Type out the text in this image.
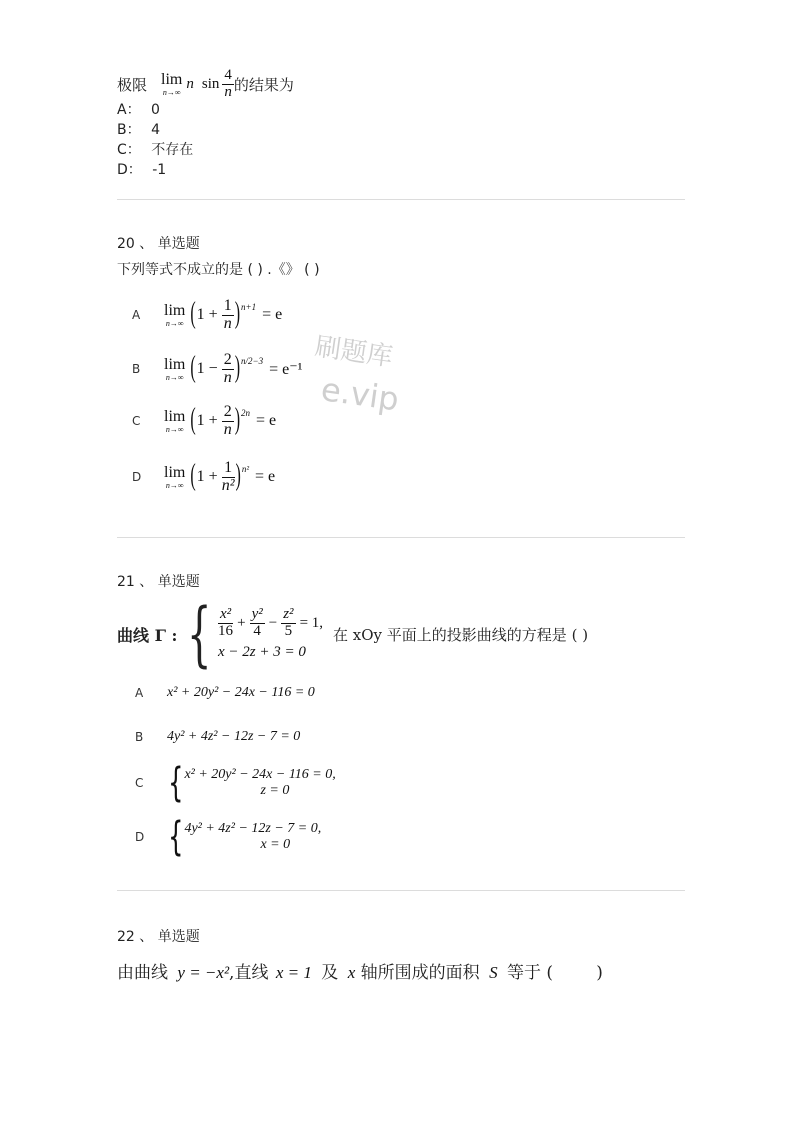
极限 lim
n→∞
n $\sin \frac{4}{n}$ 的结果为
A： 0
B： 4
C： 不存在
D： -1
20 、 单选题
下列等式不成立的是 ( ) .《》 ( )
刷题库
e.vip
A	lim
n→∞ ( $1 + \frac{1}{n}$ ) n+1 = e
B	lim
n→∞ ( $1 - \frac{2}{n}$ ) n/2−3
= e⁻¹
C	lim
n→∞ ( $1 + \frac{2}{n}$ ) 2n = e
D	lim
n→∞ ( $1 + \frac{1}{\text{n²}}$ ) n² = e
21 、 单选题
曲线 Γ : { $\frac{\text{x²}}{16} + \frac{\text{y²}}{4} - \frac{\text{z²}}{5} = 1$,
x − 2z + 3 = 0
在 xOy 平面上的投影曲线的方程是 ( )
A	x² + 20y² − 24x − 116 = 0
B	4y² + 4z² − 12z − 7 = 0
C { x² + 20y² − 24x − 116 = 0,
z = 0
D { 4y² + 4z² − 12z − 7 = 0,
x = 0
22 、 单选题
由曲线 y = −x²,直线 x = 1 及 x 轴所围成的面积 S 等于 (        )
